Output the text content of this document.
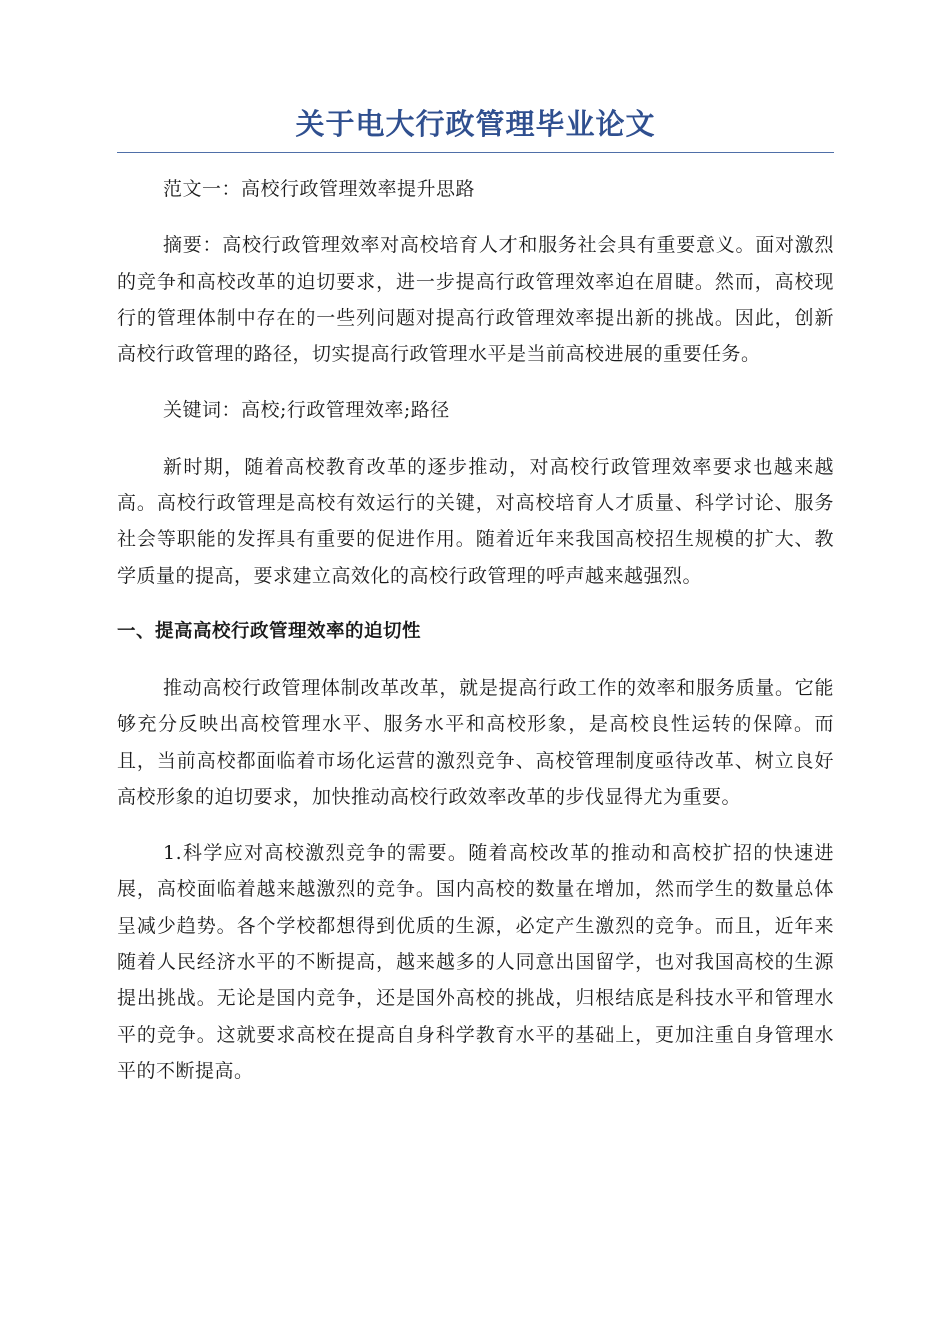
关于电大行政管理毕业论文

范文一：高校行政管理效率提升思路

摘要：高校行政管理效率对高校培育人才和服务社会具有重要意义。面对激烈的竞争和高校改革的迫切要求，进一步提高行政管理效率迫在眉睫。然而，高校现行的管理体制中存在的一些列问题对提高行政管理效率提出新的挑战。因此，创新高校行政管理的路径，切实提高行政管理水平是当前高校进展的重要任务。

关键词：高校;行政管理效率;路径

新时期，随着高校教育改革的逐步推动，对高校行政管理效率要求也越来越高。高校行政管理是高校有效运行的关键，对高校培育人才质量、科学讨论、服务社会等职能的发挥具有重要的促进作用。随着近年来我国高校招生规模的扩大、教学质量的提高，要求建立高效化的高校行政管理的呼声越来越强烈。

一、提高高校行政管理效率的迫切性

推动高校行政管理体制改革改革，就是提高行政工作的效率和服务质量。它能够充分反映出高校管理水平、服务水平和高校形象，是高校良性运转的保障。而且，当前高校都面临着市场化运营的激烈竞争、高校管理制度亟待改革、树立良好高校形象的迫切要求，加快推动高校行政效率改革的步伐显得尤为重要。

1.科学应对高校激烈竞争的需要。随着高校改革的推动和高校扩招的快速进展，高校面临着越来越激烈的竞争。国内高校的数量在增加，然而学生的数量总体呈减少趋势。各个学校都想得到优质的生源，必定产生激烈的竞争。而且，近年来随着人民经济水平的不断提高，越来越多的人同意出国留学，也对我国高校的生源提出挑战。无论是国内竞争，还是国外高校的挑战，归根结底是科技水平和管理水平的竞争。这就要求高校在提高自身科学教育水平的基础上，更加注重自身管理水平的不断提高。
